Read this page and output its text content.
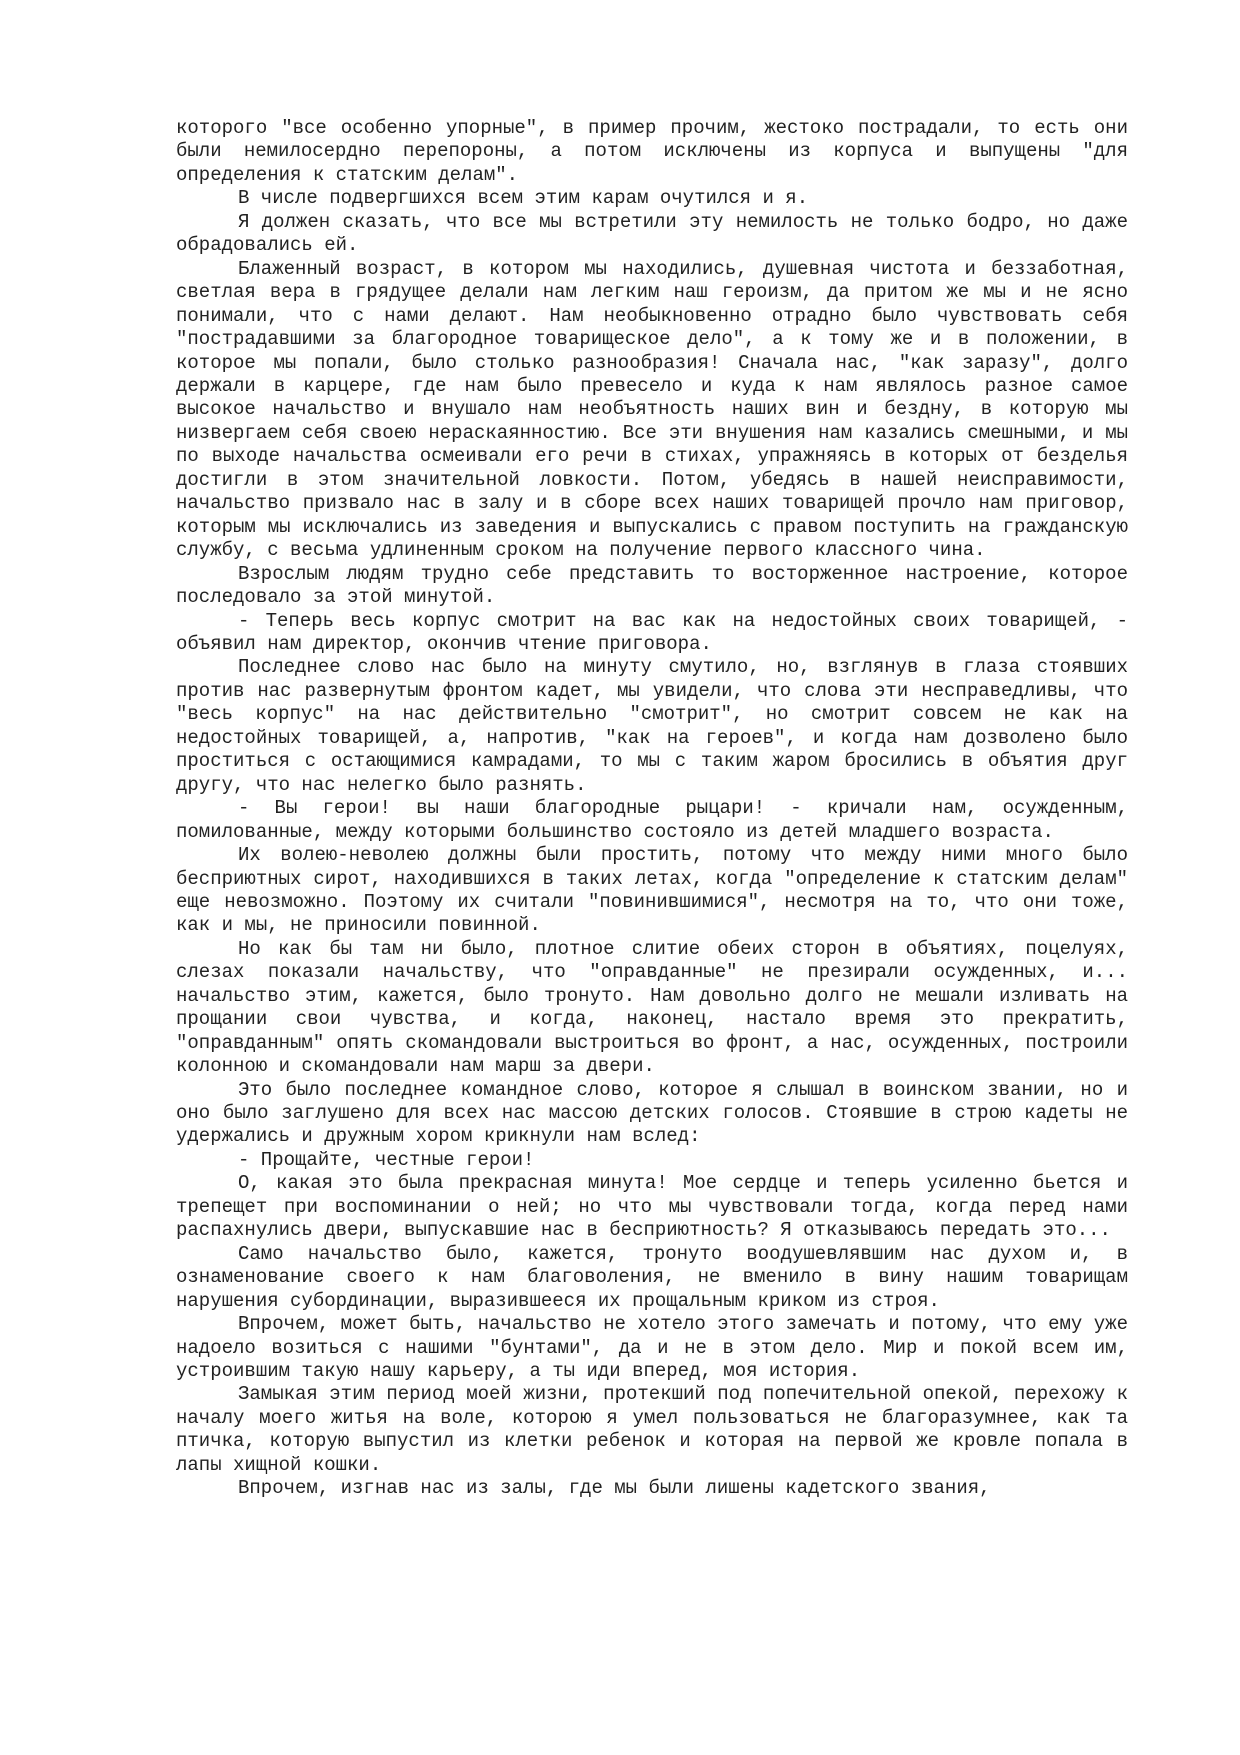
которого "все особенно упорные", в пример прочим, жестоко пострадали, то есть они были немилосердно перепороны, а потом исключены из корпуса и выпущены "для определения к статским делам".

В числе подвергшихся всем этим карам очутился и я.

Я должен сказать, что все мы встретили эту немилость не только бодро, но даже обрадовались ей.

Блаженный возраст, в котором мы находились, душевная чистота и беззаботная, светлая вера в грядущее делали нам легким наш героизм, да притом же мы и не ясно понимали, что с нами делают. Нам необыкновенно отрадно было чувствовать себя "пострадавшими за благородное товарищеское дело", а к тому же и в положении, в которое мы попали, было столько разнообразия! Сначала нас, "как заразу", долго держали в карцере, где нам было превесело и куда к нам являлось разное самое высокое начальство и внушало нам необъятность наших вин и бездну, в которую мы низвергаем себя своею нераскаянностию. Все эти внушения нам казались смешными, и мы по выходе начальства осмеивали его речи в стихах, упражняясь в которых от безделья достигли в этом значительной ловкости. Потом, убедясь в нашей неисправимости, начальство призвало нас в залу и в сборе всех наших товарищей прочло нам приговор, которым мы исключались из заведения и выпускались с правом поступить на гражданскую службу, с весьма удлиненным сроком на получение первого классного чина.

Взрослым людям трудно себе представить то восторженное настроение, которое последовало за этой минутой.

- Теперь весь корпус смотрит на вас как на недостойных своих товарищей, - объявил нам директор, окончив чтение приговора.

Последнее слово нас было на минуту смутило, но, взглянув в глаза стоявших против нас развернутым фронтом кадет, мы увидели, что слова эти несправедливы, что "весь корпус" на нас действительно "смотрит", но смотрит совсем не как на недостойных товарищей, а, напротив, "как на героев", и когда нам дозволено было проститься с остающимися камрадами, то мы с таким жаром бросились в объятия друг другу, что нас нелегко было разнять.

- Вы герои! вы наши благородные рыцари! - кричали нам, осужденным, помилованные, между которыми большинство состояло из детей младшего возраста.

Их волею-неволею должны были простить, потому что между ними много было бесприютных сирот, находившихся в таких летах, когда "определение к статским делам" еще невозможно. Поэтому их считали "повинившимися", несмотря на то, что они тоже, как и мы, не приносили повинной.

Но как бы там ни было, плотное слитие обеих сторон в объятиях, поцелуях, слезах показали начальству, что "оправданные" не презирали осужденных, и... начальство этим, кажется, было тронуто. Нам довольно долго не мешали изливать на прощании свои чувства, и когда, наконец, настало время это прекратить, "оправданным" опять скомандовали выстроиться во фронт, а нас, осужденных, построили колонною и скомандовали нам марш за двери.

Это было последнее командное слово, которое я слышал в воинском звании, но и оно было заглушено для всех нас массою детских голосов. Стоявшие в строю кадеты не удержались и дружным хором крикнули нам вслед:

- Прощайте, честные герои!

О, какая это была прекрасная минута! Мое сердце и теперь усиленно бьется и трепещет при воспоминании о ней; но что мы чувствовали тогда, когда перед нами распахнулись двери, выпускавшие нас в бесприютность? Я отказываюсь передать это...

Само начальство было, кажется, тронуто воодушевлявшим нас духом и, в ознаменование своего к нам благоволения, не вменило в вину нашим товарищам нарушения субординации, выразившееся их прощальным криком из строя.

Впрочем, может быть, начальство не хотело этого замечать и потому, что ему уже надоело возиться с нашими "бунтами", да и не в этом дело. Мир и покой всем им, устроившим такую нашу карьеру, а ты иди вперед, моя история.

Замыкая этим период моей жизни, протекший под попечительной опекой, перехожу к началу моего житья на воле, которою я умел пользоваться не благоразумнее, как та птичка, которую выпустил из клетки ребенок и которая на первой же кровле попала в лапы хищной кошки.

Впрочем, изгнав нас из залы, где мы были лишены кадетского звания,
